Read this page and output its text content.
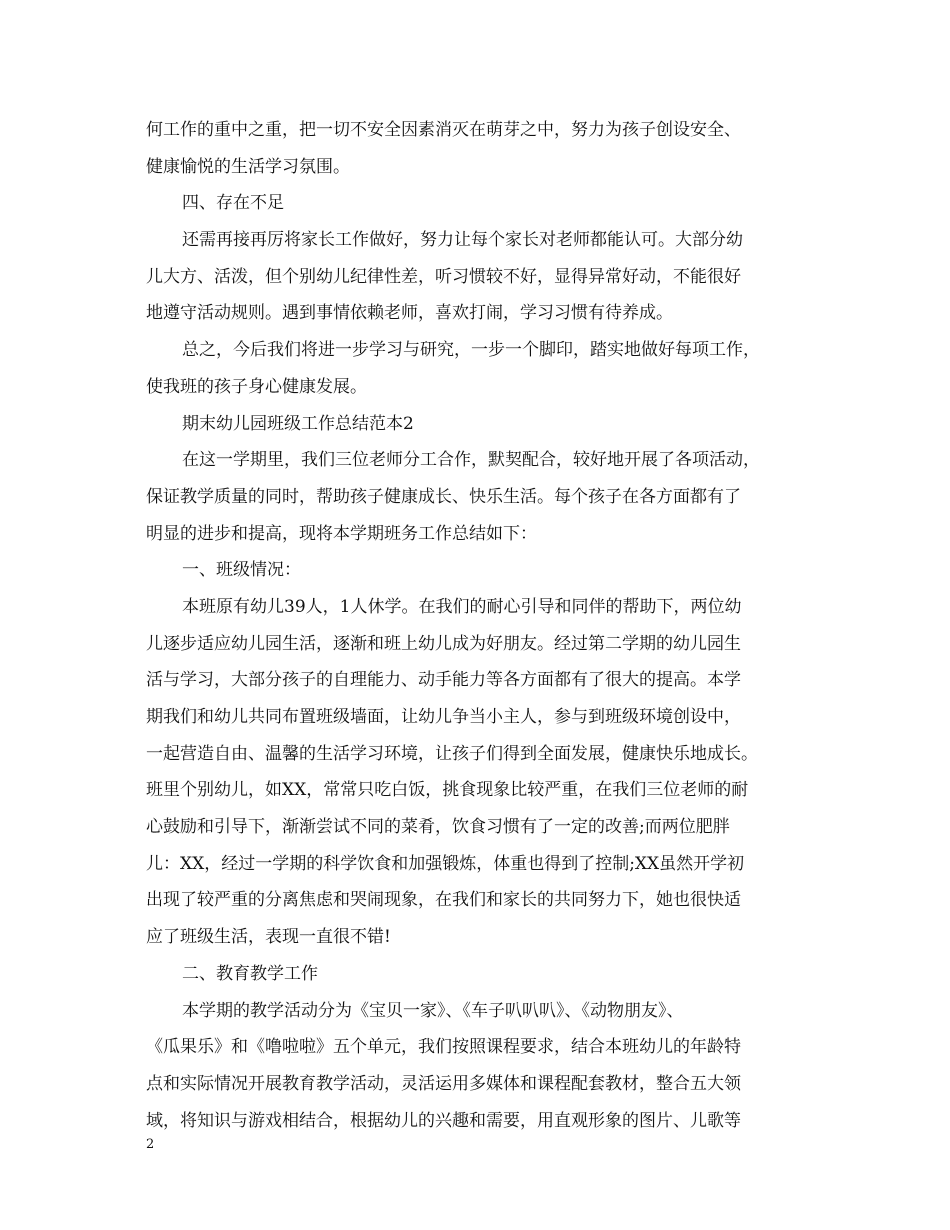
何工作的重中之重，把一切不安全因素消灭在萌芽之中，努力为孩子创设安全、
健康愉悦的生活学习氛围。
四、存在不足
还需再接再厉将家长工作做好，努力让每个家长对老师都能认可。大部分幼
儿大方、活泼，但个别幼儿纪律性差，听习惯较不好，显得异常好动，不能很好
地遵守活动规则。遇到事情依赖老师，喜欢打闹，学习习惯有待养成。
总之，今后我们将进一步学习与研究，一步一个脚印，踏实地做好每项工作，
使我班的孩子身心健康发展。
期末幼儿园班级工作总结范本2
在这一学期里，我们三位老师分工合作，默契配合，较好地开展了各项活动，
保证教学质量的同时，帮助孩子健康成长、快乐生活。每个孩子在各方面都有了
明显的进步和提高，现将本学期班务工作总结如下：
一、班级情况：
本班原有幼儿39人，1人休学。在我们的耐心引导和同伴的帮助下，两位幼
儿逐步适应幼儿园生活，逐渐和班上幼儿成为好朋友。经过第二学期的幼儿园生
活与学习，大部分孩子的自理能力、动手能力等各方面都有了很大的提高。本学
期我们和幼儿共同布置班级墙面，让幼儿争当小主人，参与到班级环境创设中，
一起营造自由、温馨的生活学习环境，让孩子们得到全面发展，健康快乐地成长。
班里个别幼儿，如XX，常常只吃白饭，挑食现象比较严重，在我们三位老师的耐
心鼓励和引导下，渐渐尝试不同的菜肴，饮食习惯有了一定的改善;而两位肥胖
儿：XX，经过一学期的科学饮食和加强锻炼，体重也得到了控制;XX虽然开学初
出现了较严重的分离焦虑和哭闹现象，在我们和家长的共同努力下，她也很快适
应了班级生活，表现一直很不错!
二、教育教学工作
本学期的教学活动分为《宝贝一家》、《车子叭叭叭》、《动物朋友》、
《瓜果乐》和《噜啦啦》五个单元，我们按照课程要求，结合本班幼儿的年龄特
点和实际情况开展教育教学活动，灵活运用多媒体和课程配套教材，整合五大领
域，将知识与游戏相结合，根据幼儿的兴趣和需要，用直观形象的图片、儿歌等
2
